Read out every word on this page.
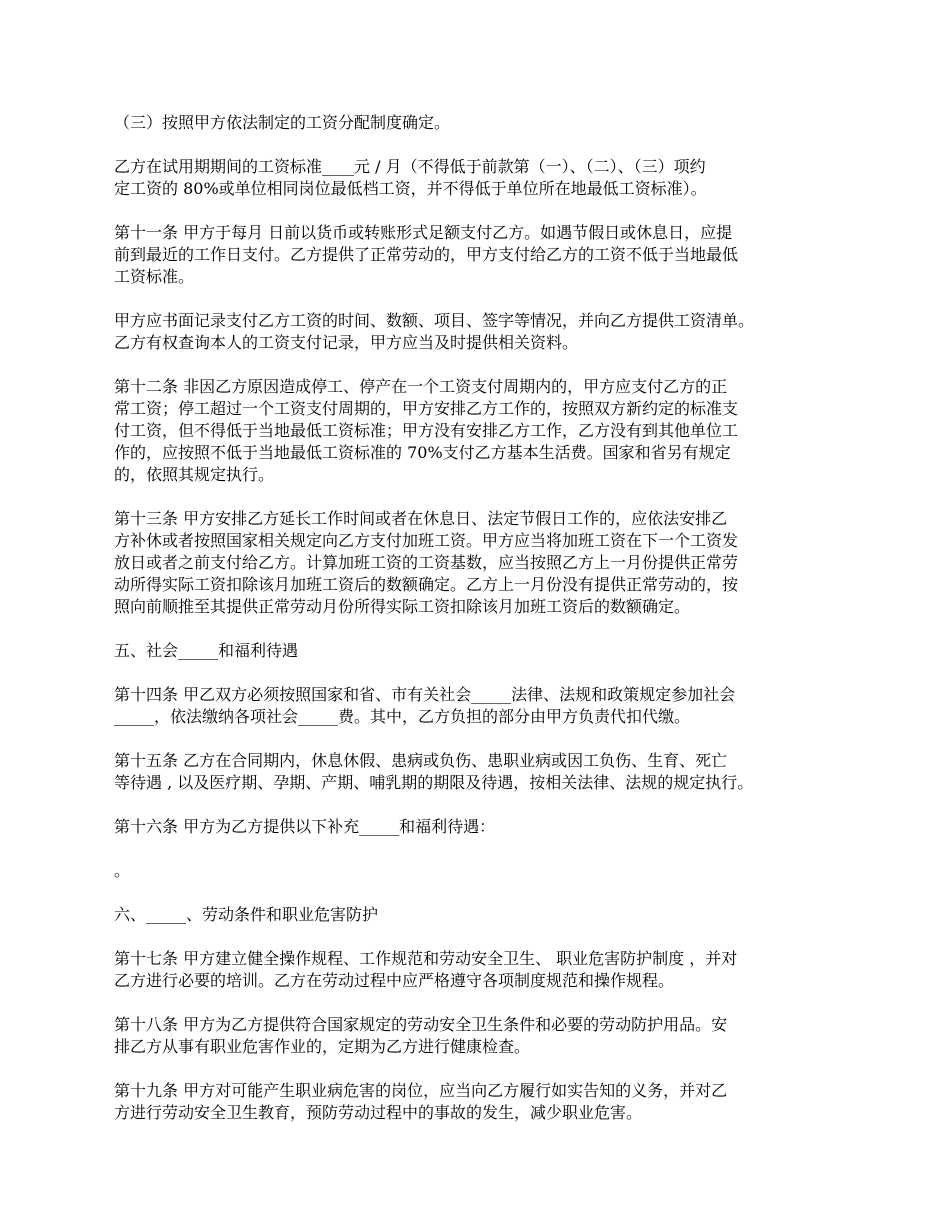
（三）按照甲方依法制定的工资分配制度确定。

乙方在试用期期间的工资标准____元 / 月（不得低于前款第（一）、（二）、（三）项约
定工资的 80%或单位相同岗位最低档工资，并不得低于单位所在地最低工资标准）。

第十一条 甲方于每月 日前以货币或转账形式足额支付乙方。如遇节假日或休息日，应提
前到最近的工作日支付。乙方提供了正常劳动的，甲方支付给乙方的工资不低于当地最低
工资标准。

甲方应书面记录支付乙方工资的时间、数额、项目、签字等情况，并向乙方提供工资清单。
乙方有权查询本人的工资支付记录，甲方应当及时提供相关资料。

第十二条 非因乙方原因造成停工、停产在一个工资支付周期内的，甲方应支付乙方的正
常工资；停工超过一个工资支付周期的，甲方安排乙方工作的，按照双方新约定的标准支
付工资，但不得低于当地最低工资标准；甲方没有安排乙方工作，乙方没有到其他单位工
作的，应按照不低于当地最低工资标准的 70%支付乙方基本生活费。国家和省另有规定
的，依照其规定执行。

第十三条 甲方安排乙方延长工作时间或者在休息日、法定节假日工作的，应依法安排乙
方补休或者按照国家相关规定向乙方支付加班工资。甲方应当将加班工资在下一个工资发
放日或者之前支付给乙方。计算加班工资的工资基数，应当按照乙方上一月份提供正常劳
动所得实际工资扣除该月加班工资后的数额确定。乙方上一月份没有提供正常劳动的，按
照向前顺推至其提供正常劳动月份所得实际工资扣除该月加班工资后的数额确定。

五、社会_____和福利待遇

第十四条 甲乙双方必须按照国家和省、市有关社会_____法律、法规和政策规定参加社会
_____，依法缴纳各项社会_____费。其中，乙方负担的部分由甲方负责代扣代缴。

第十五条 乙方在合同期内，休息休假、患病或负伤、患职业病或因工负伤、生育、死亡
等待遇 , 以及医疗期、孕期、产期、哺乳期的期限及待遇，按相关法律、法规的规定执行。

第十六条 甲方为乙方提供以下补充_____和福利待遇：

。

六、_____、劳动条件和职业危害防护

第十七条 甲方建立健全操作规程、工作规范和劳动安全卫生、 职业危害防护制度 ，并对
乙方进行必要的培训。乙方在劳动过程中应严格遵守各项制度规范和操作规程。

第十八条 甲方为乙方提供符合国家规定的劳动安全卫生条件和必要的劳动防护用品。安
排乙方从事有职业危害作业的，定期为乙方进行健康检查。

第十九条 甲方对可能产生职业病危害的岗位，应当向乙方履行如实告知的义务，并对乙
方进行劳动安全卫生教育，预防劳动过程中的事故的发生，减少职业危害。
